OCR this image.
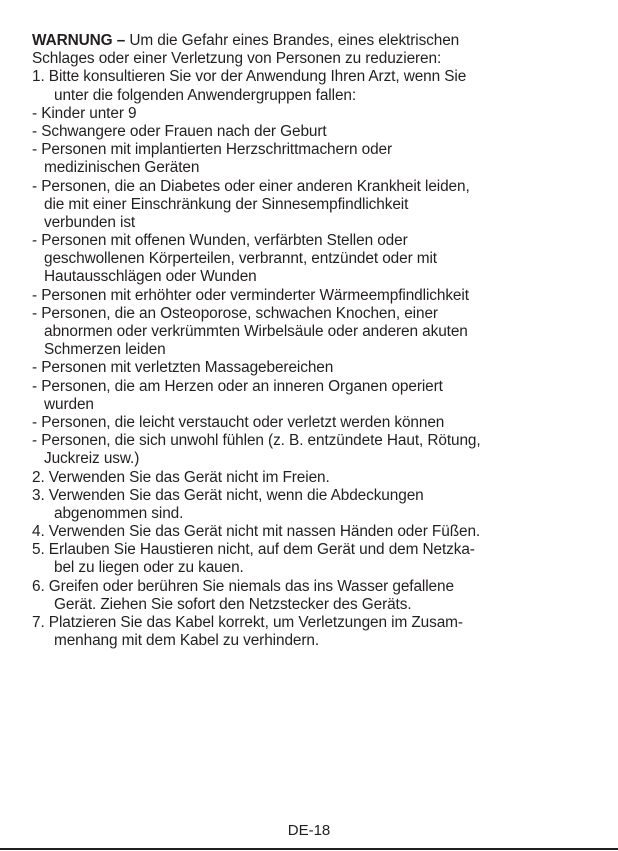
WARNUNG – Um die Gefahr eines Brandes, eines elektrischen
Schlages oder einer Verletzung von Personen zu reduzieren:
1. Bitte konsultieren Sie vor der Anwendung Ihren Arzt, wenn Sie
unter die folgenden Anwendergruppen fallen:
- Kinder unter 9
- Schwangere oder Frauen nach der Geburt
- Personen mit implantierten Herzschrittmachern oder
medizinischen Geräten
- Personen, die an Diabetes oder einer anderen Krankheit leiden,
die mit einer Einschränkung der Sinnesempfindlichkeit
verbunden ist
- Personen mit offenen Wunden, verfärbten Stellen oder
geschwollenen Körperteilen, verbrannt, entzündet oder mit
Hautausschlägen oder Wunden
- Personen mit erhöhter oder verminderter Wärmeempfindlichkeit
- Personen, die an Osteoporose, schwachen Knochen, einer
abnormen oder verkrümmten Wirbelsäule oder anderen akuten
Schmerzen leiden
- Personen mit verletzten Massagebereichen
- Personen, die am Herzen oder an inneren Organen operiert
wurden
- Personen, die leicht verstaucht oder verletzt werden können
- Personen, die sich unwohl fühlen (z. B. entzündete Haut, Rötung,
Juckreiz usw.)
2. Verwenden Sie das Gerät nicht im Freien.
3. Verwenden Sie das Gerät nicht, wenn die Abdeckungen
abgenommen sind.
4. Verwenden Sie das Gerät nicht mit nassen Händen oder Füßen.
5. Erlauben Sie Haustieren nicht, auf dem Gerät und dem Netzka-
bel zu liegen oder zu kauen.
6. Greifen oder berühren Sie niemals das ins Wasser gefallene
Gerät. Ziehen Sie sofort den Netzstecker des Geräts.
7. Platzieren Sie das Kabel korrekt, um Verletzungen im Zusam-
menhang mit dem Kabel zu verhindern.
DE-18
